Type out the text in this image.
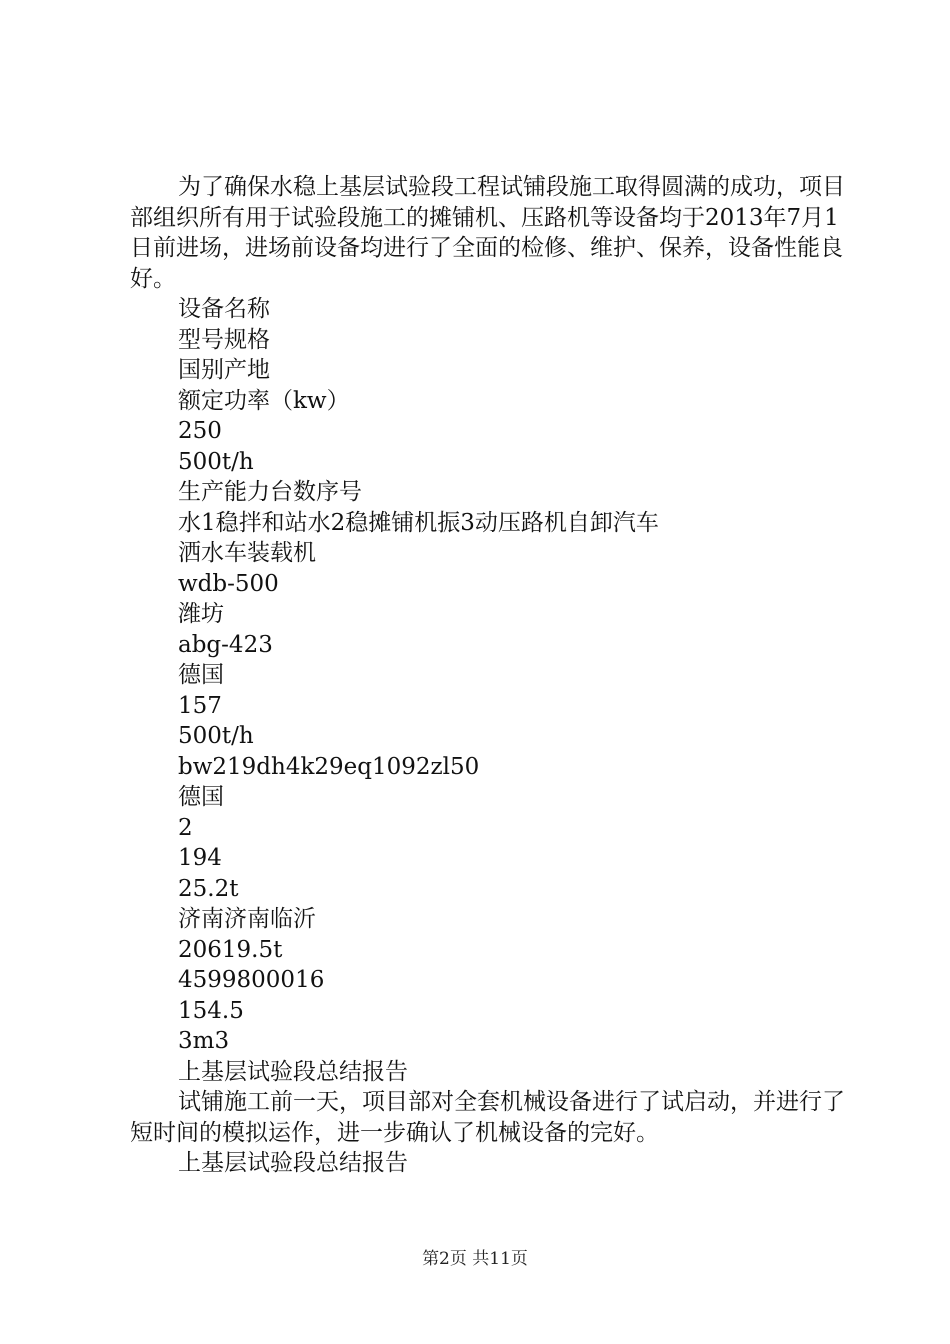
为了确保水稳上基层试验段工程试铺段施工取得圆满的成功，项目部组织所有用于试验段施工的摊铺机、压路机等设备均于2013年7月1日前进场，进场前设备均进行了全面的检修、维护、保养，设备性能良好。

设备名称
型号规格
国别产地
额定功率（kw）
250
500t/h
生产能力台数序号
水1稳拌和站水2稳摊铺机振3动压路机自卸汽车
洒水车装载机
wdb-500
潍坊
abg-423
德国
157
500t/h
bw219dh4k29eq1092zl50
德国
2
194
25.2t
济南济南临沂
20619.5t
4599800016
154.5
3m3
上基层试验段总结报告

试铺施工前一天，项目部对全套机械设备进行了试启动，并进行了短时间的模拟运作，进一步确认了机械设备的完好。

上基层试验段总结报告
第2页 共11页
